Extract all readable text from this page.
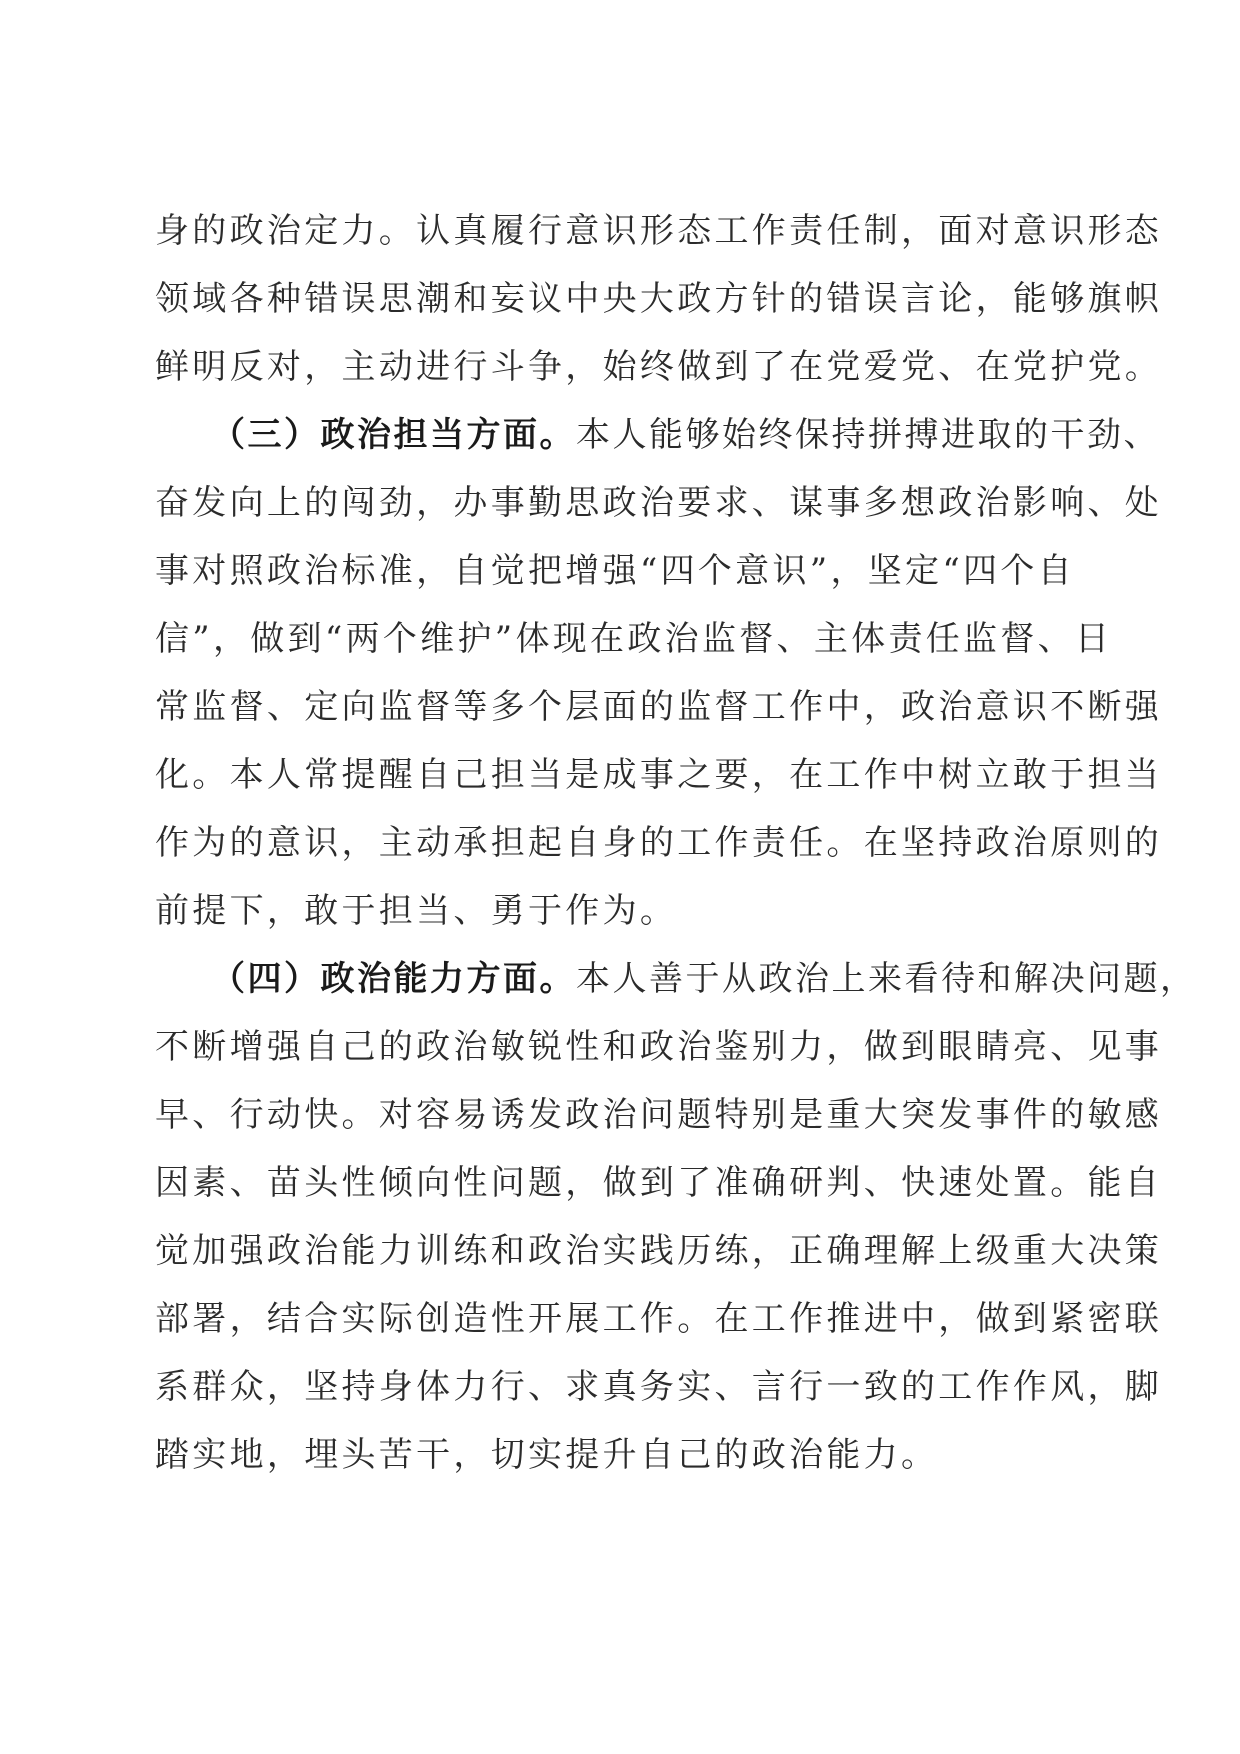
身的政治定力。认真履行意识形态工作责任制，面对意识形态
领域各种错误思潮和妄议中央大政方针的错误言论，能够旗帜
鲜明反对，主动进行斗争，始终做到了在党爱党、在党护党。
（三）政治担当方面。本人能够始终保持拼搏进取的干劲、
奋发向上的闯劲，办事勤思政治要求、谋事多想政治影响、处
事对照政治标准，自觉把增强“四个意识”，坚定“四个自
信”，做到“两个维护”体现在政治监督、主体责任监督、日
常监督、定向监督等多个层面的监督工作中，政治意识不断强
化。本人常提醒自己担当是成事之要，在工作中树立敢于担当
作为的意识，主动承担起自身的工作责任。在坚持政治原则的
前提下，敢于担当、勇于作为。
（四）政治能力方面。本人善于从政治上来看待和解决问题，
不断增强自己的政治敏锐性和政治鉴别力，做到眼睛亮、见事
早、行动快。对容易诱发政治问题特别是重大突发事件的敏感
因素、苗头性倾向性问题，做到了准确研判、快速处置。能自
觉加强政治能力训练和政治实践历练，正确理解上级重大决策
部署，结合实际创造性开展工作。在工作推进中，做到紧密联
系群众，坚持身体力行、求真务实、言行一致的工作作风，脚
踏实地，埋头苦干，切实提升自己的政治能力。
